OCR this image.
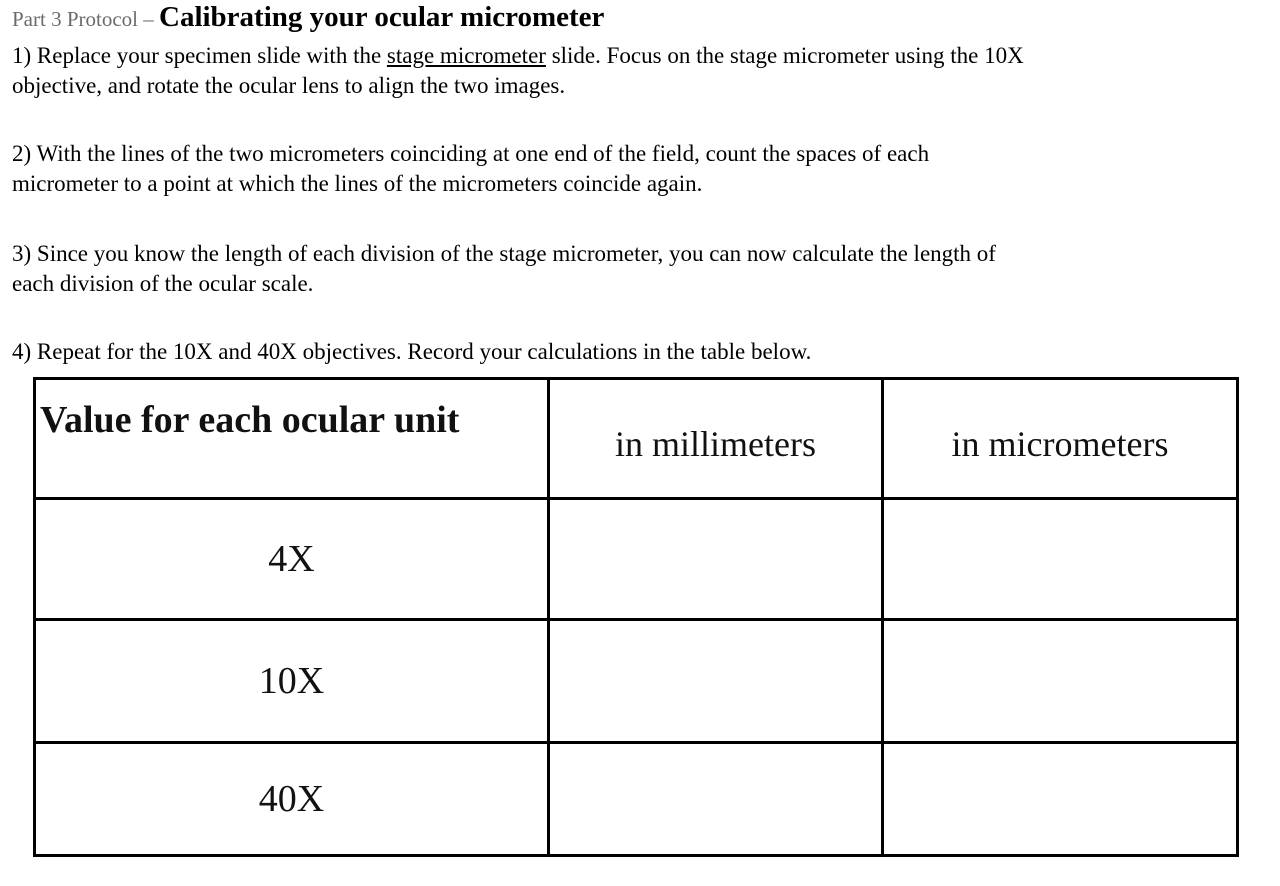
Part 3 Protocol – Calibrating your ocular micrometer
1) Replace your specimen slide with the stage micrometer slide. Focus on the stage micrometer using the 10X
objective, and rotate the ocular lens to align the two images.
2) With the lines of the two micrometers coinciding at one end of the field, count the spaces of each
micrometer to a point at which the lines of the micrometers coincide again.
3) Since you know the length of each division of the stage micrometer, you can now calculate the length of
each division of the ocular scale.
4) Repeat for the 10X and 40X objectives. Record your calculations in the table below.
Value for each ocular unit
in millimeters	in micrometers
4X
10X
40X
